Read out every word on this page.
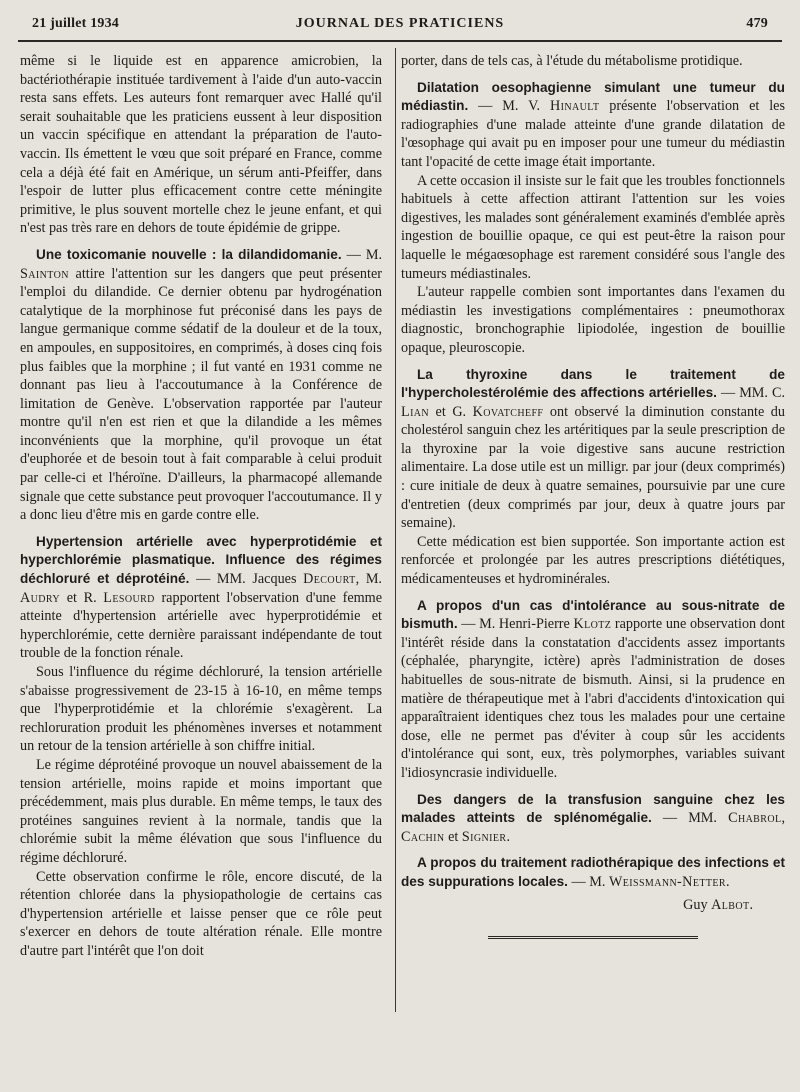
21 juillet 1934	JOURNAL DES PRATICIENS	479

même si le liquide est en apparence amicrobien, la bactériothérapie instituée tardivement à l'aide d'un auto-vaccin resta sans effets. Les auteurs font remarquer avec Hallé qu'il serait souhaitable que les praticiens eussent à leur disposition un vaccin spécifique en attendant la préparation de l'auto-vaccin. Ils émettent le vœu que soit préparé en France, comme cela a déjà été fait en Amérique, un sérum anti-Pfeiffer, dans l'espoir de lutter plus efficacement contre cette méningite primitive, le plus souvent mortelle chez le jeune enfant, et qui n'est pas très rare en dehors de toute épidémie de grippe.

Une toxicomanie nouvelle : la dilandidomanie. — M. Sainton attire l'attention sur les dangers que peut présenter l'emploi du dilandide. Ce dernier obtenu par hydrogénation catalytique de la morphinose fut préconisé dans les pays de langue germanique comme sédatif de la douleur et de la toux, en ampoules, en suppositoires, en comprimés, à doses cinq fois plus faibles que la morphine ; il fut vanté en 1931 comme ne donnant pas lieu à l'accoutumance à la Conférence de limitation de Genève. L'observation rapportée par l'auteur montre qu'il n'en est rien et que la dilandide a les mêmes inconvénients que la morphine, qu'il provoque un état d'euphorée et de besoin tout à fait comparable à celui produit par celle-ci et l'héroïne. D'ailleurs, la pharmacopé allemande signale que cette substance peut provoquer l'accoutumance. Il y a donc lieu d'être mis en garde contre elle.

Hypertension artérielle avec hyperprotidémie et hyperchlorémie plasmatique. Influence des régimes déchloruré et déprotéiné. — MM. Jacques Decourt, M. Audry et R. Lesourd rapportent l'observation d'une femme atteinte d'hypertension artérielle avec hyperprotidémie et hyperchlorémie, cette dernière paraissant indépendante de tout trouble de la fonction rénale.

Sous l'influence du régime déchloruré, la tension artérielle s'abaisse progressivement de 23-15 à 16-10, en même temps que l'hyperprotidémie et la chlorémie s'exagèrent. La rechloruration produit les phénomènes inverses et notamment un retour de la tension artérielle à son chiffre initial.

Le régime déprotéiné provoque un nouvel abaissement de la tension artérielle, moins rapide et moins important que précédemment, mais plus durable. En même temps, le taux des protéines sanguines revient à la normale, tandis que la chlorémie subit la même élévation que sous l'influence du régime déchloruré.

Cette observation confirme le rôle, encore discuté, de la rétention chlorée dans la physiopathologie de certains cas d'hypertension artérielle et laisse penser que ce rôle peut s'exercer en dehors de toute altération rénale. Elle montre d'autre part l'intérêt que l'on doit

porter, dans de tels cas, à l'étude du métabolisme protidique.

Dilatation oesophagienne simulant une tumeur du médiastin. — M. V. Hinault présente l'observation et les radiographies d'une malade atteinte d'une grande dilatation de l'œsophage qui avait pu en imposer pour une tumeur du médiastin tant l'opacité de cette image était importante.

A cette occasion il insiste sur le fait que les troubles fonctionnels habituels à cette affection attirant l'attention sur les voies digestives, les malades sont généralement examinés d'emblée après ingestion de bouillie opaque, ce qui est peut-être la raison pour laquelle le mégaœsophage est rarement considéré sous l'angle des tumeurs médiastinales.

L'auteur rappelle combien sont importantes dans l'examen du médiastin les investigations complémentaires : pneumothorax diagnostic, bronchographie lipiodolée, ingestion de bouillie opaque, pleuroscopie.

La thyroxine dans le traitement de l'hypercholestérolémie des affections artérielles. — MM. C. Lian et G. Kovatcheff ont observé la diminution constante du cholestérol sanguin chez les artéritiques par la seule prescription de la thyroxine par la voie digestive sans aucune restriction alimentaire. La dose utile est un milligr. par jour (deux comprimés) : cure initiale de deux à quatre semaines, poursuivie par une cure d'entretien (deux comprimés par jour, deux à quatre jours par semaine).

Cette médication est bien supportée. Son importante action est renforcée et prolongée par les autres prescriptions diététiques, médicamenteuses et hydrominérales.

A propos d'un cas d'intolérance au sous-nitrate de bismuth. — M. Henri-Pierre Klotz rapporte une observation dont l'intérêt réside dans la constatation d'accidents assez importants (céphalée, pharyngite, ictère) après l'administration de doses habituelles de sous-nitrate de bismuth. Ainsi, si la prudence en matière de thérapeutique met à l'abri d'accidents d'intoxication qui apparaîtraient identiques chez tous les malades pour une certaine dose, elle ne permet pas d'éviter à coup sûr les accidents d'intolérance qui sont, eux, très polymorphes, variables suivant l'idiosyncrasie individuelle.

Des dangers de la transfusion sanguine chez les malades atteints de splénomégalie. — MM. Chabrol, Cachin et Signier.

A propos du traitement radiothérapique des infections et des suppurations locales. — M. Weissmann-Netter.

Guy Albot.
